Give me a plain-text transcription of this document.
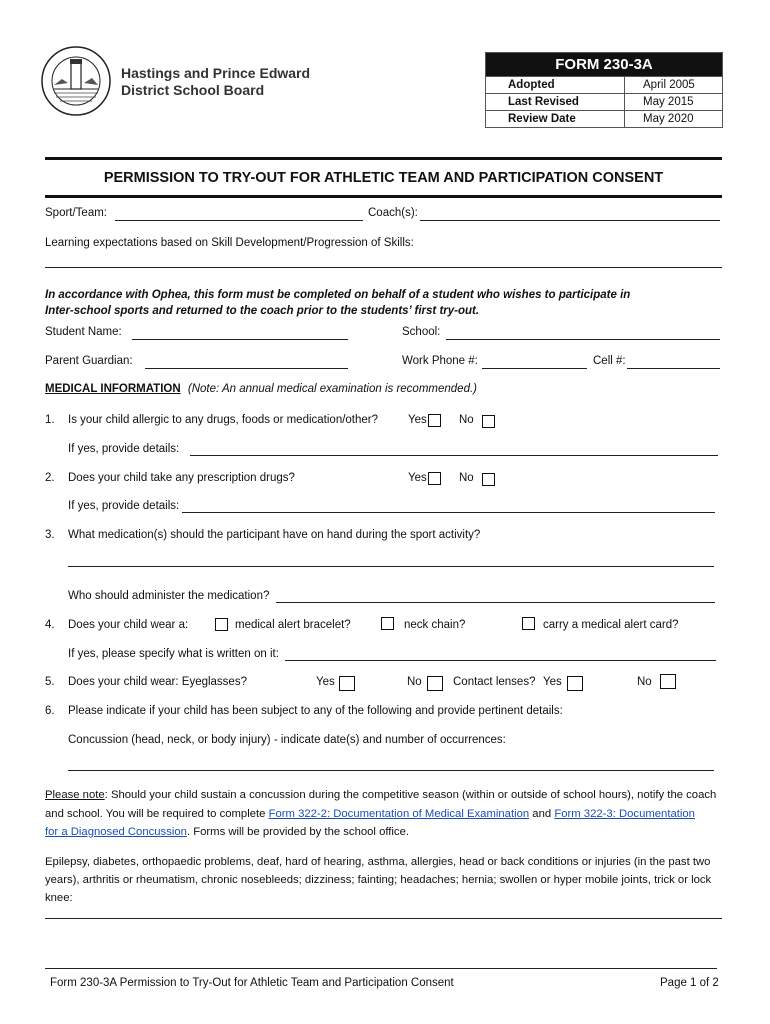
Hastings and Prince Edward
District School Board
FORM 230-3A	
Adopted	April 2005
Last Revised	May 2015
Review Date	May 2020
PERMISSION TO TRY-OUT FOR ATHLETIC TEAM AND PARTICIPATION CONSENT
Sport/Team:	Coach(s):
Learning expectations based on Skill Development/Progression of Skills:
In accordance with Ophea, this form must be completed on behalf of a student who wishes to participate in
Inter-school sports and returned to the coach prior to the students’ first try-out.
Student Name:	School:
Parent Guardian:	Work Phone #:	Cell #:
MEDICAL INFORMATION (Note: An annual medical examination is recommended.)
1. Is your child allergic to any drugs, foods or medication/other?	Yes	No
If yes, provide details:
2. Does your child take any prescription drugs?	Yes	No
If yes, provide details:
3. What medication(s) should the participant have on hand during the sport activity?
Who should administer the medication?
4. Does your child wear a:	medical alert bracelet?	neck chain?	carry a medical alert card?
If yes, please specify what is written on it:
5. Does your child wear: Eyeglasses?	Yes	No	Contact lenses? Yes	No
6. Please indicate if your child has been subject to any of the following and provide pertinent details:
Concussion (head, neck, or body injury) - indicate date(s) and number of occurrences:
Please note: Should your child sustain a concussion during the competitive season (within or outside of school hours), notify the coach
and school. You will be required to complete Form 322-2: Documentation of Medical Examination and Form 322-3: Documentation
for a Diagnosed Concussion. Forms will be provided by the school office.
Epilepsy, diabetes, orthopaedic problems, deaf, hard of hearing, asthma, allergies, head or back conditions or injuries (in the past two
years), arthritis or rheumatism, chronic nosebleeds; dizziness; fainting; headaches; hernia; swollen or hyper mobile joints, trick or lock
knee:
Form 230-3A Permission to Try-Out for Athletic Team and Participation Consent	Page 1 of 2
